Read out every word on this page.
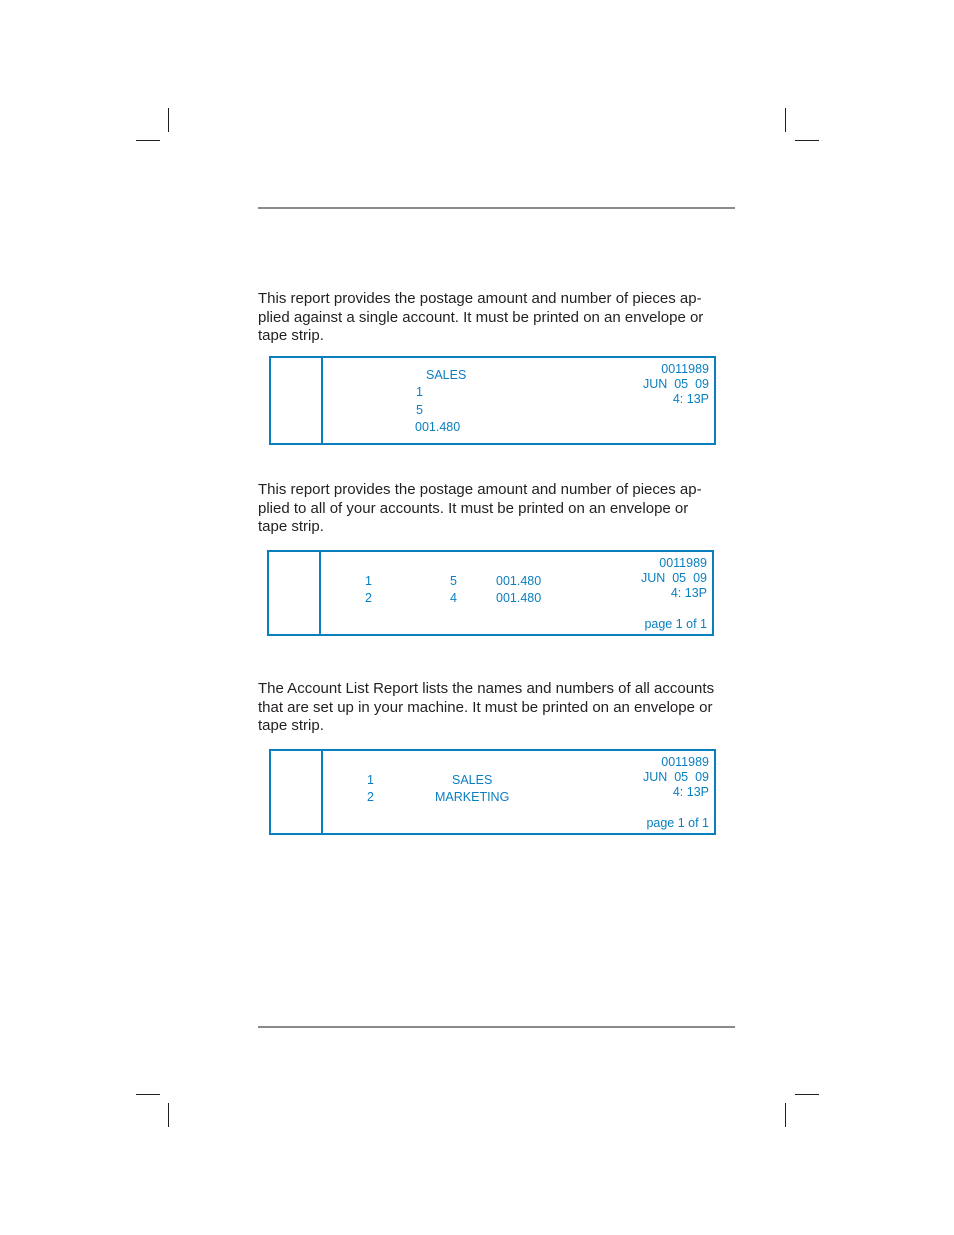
This report provides the postage amount and number of pieces ap-
plied against a single account. It must be printed on an envelope or
tape strip.

SALES
1
5
001.480
0011989
JUN  05  09
4: 13P

This report provides the postage amount and number of pieces ap-
plied to all of your accounts. It must be printed on an envelope or
tape strip.

1	5	001.480
2	4	001.480
0011989
JUN  05  09
4: 13P
page 1 of 1

The Account List Report lists the names and numbers of all accounts
that are set up in your machine. It must be printed on an envelope or
tape strip.

1	SALES
2	MARKETING
0011989
JUN  05  09
4: 13P
page 1 of 1
